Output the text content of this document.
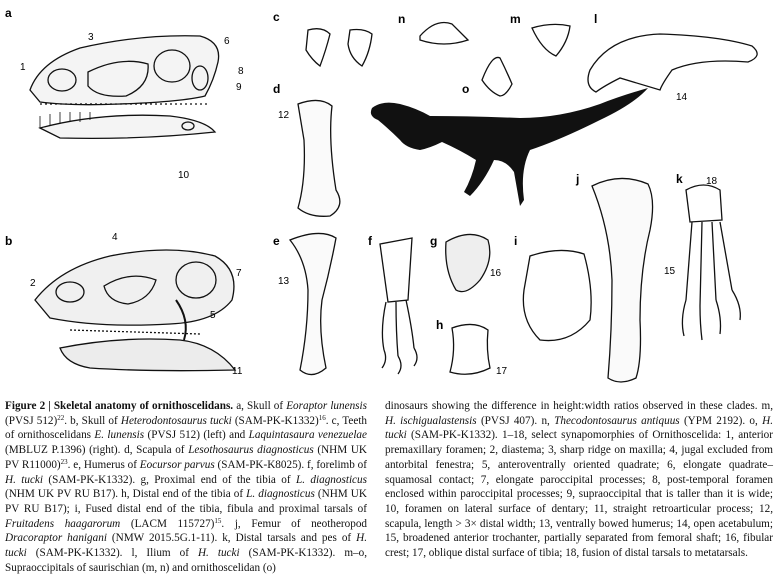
a
b
c
d
e	f	g
h
i
j	k
l
m
n
o
1
3	6
8
9
10
2
4
7
5
11
12
13
14
15
16
17
18
Figure 2 | Skeletal anatomy of ornithoscelidans. a, Skull of Eoraptor lunensis (PVSJ 512)$^{22}$. b, Skull of Heterodontosaurus tucki $(SAM-PK-K1332)^{16}$. c, Teeth of ornithoscelidans E. lunensis (PVSJ 512) (left) and Laquintasaura venezuelae (MBLUZ P.1396) (right). d, Scapula of Lesothosaurus diagnosticus (NHM UK PV R11000)$^{23}$. e, Humerus of Eocursor parvus (SAM-PK-K8025). f, forelimb of H. tucki (SAM-PK-K1332). g, Proximal end of the tibia of L. diagnosticus (NHM UK PV RU B17). h, Distal end of the tibia of L. diagnosticus (NHM UK PV RU B17); i, Fused distal end of the tibia, fibula and proximal tarsals of Fruitadens haagarorum (LACM 115727)$^{15}$. j, Femur of neotheropod Dracoraptor hanigani (NMW 2015.5G.1-11). k, Distal tarsals and pes of H. tucki (SAM-PK-K1332). l, Ilium of H. tucki (SAM-PK-K1332). m–o, Supraoccipitals of saurischian (m, n) and ornithoscelidan (o)
dinosaurs showing the difference in height:width ratios observed in these clades. m, H. ischigualastensis (PVSJ 407). n, Thecodontosaurus antiquus (YPM 2192). o, H. tucki (SAM-PK-K1332). 1–18, select synapomorphies of Ornithoscelida: 1, anterior premaxillary foramen; 2, diastema; 3, sharp ridge on maxilla; 4, jugal excluded from antorbital fenestra; 5, anteroventrally oriented quadrate; 6, elongate quadrate–squamosal contact; 7, elongate paroccipital processes; 8, post-temporal foramen enclosed within paroccipital processes; 9, supraoccipital that is taller than it is wide; 10, foramen on lateral surface of dentary; 11, straight retroarticular process; 12, scapula, length > 3× distal width; 13, ventrally bowed humerus; 14, open acetabulum; 15, broadened anterior trochanter, partially separated from femoral shaft; 16, fibular crest; 17, oblique distal surface of tibia; 18, fusion of distal tarsals to metatarsals.
